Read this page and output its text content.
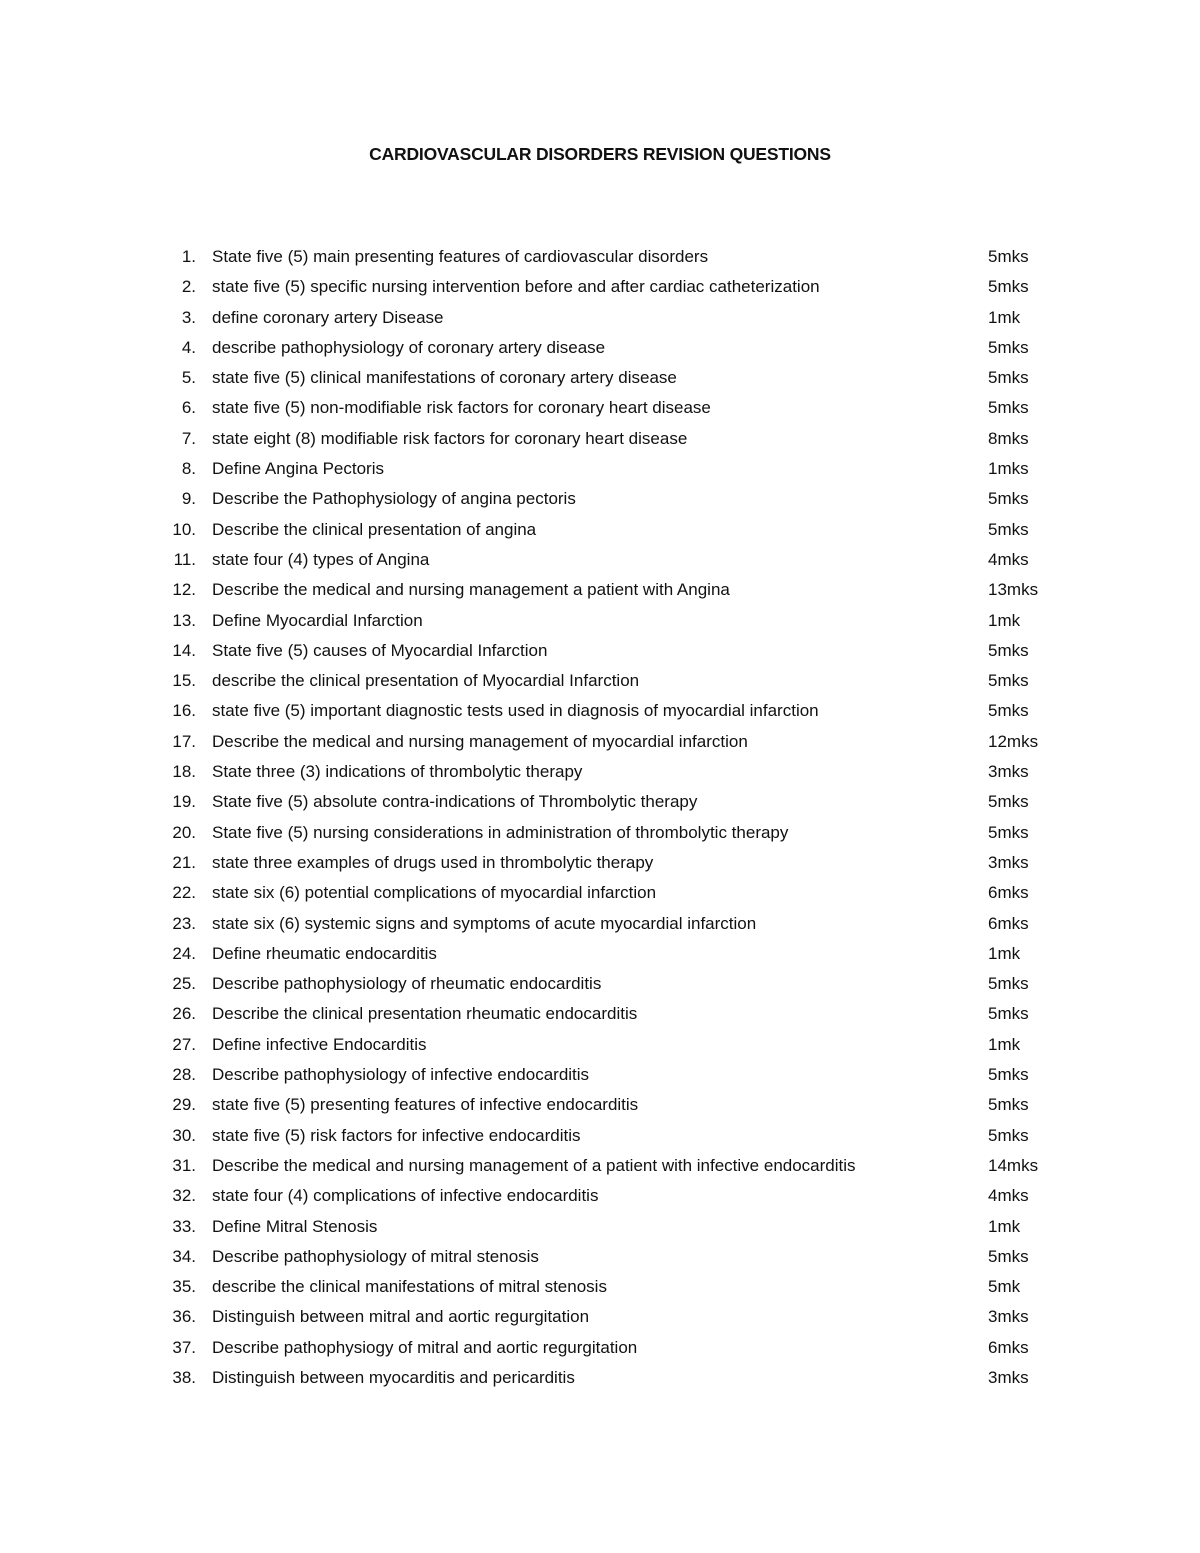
CARDIOVASCULAR DISORDERS REVISION QUESTIONS
1. State five (5) main presenting features of cardiovascular disorders	5mks
2. state five (5) specific nursing intervention before and after cardiac catheterization	5mks
3. define coronary artery Disease	1mk
4. describe pathophysiology of coronary artery disease	5mks
5. state five (5) clinical manifestations of coronary artery disease	5mks
6. state five (5) non-modifiable risk factors for coronary heart disease	5mks
7. state eight (8) modifiable risk factors for coronary heart disease	8mks
8. Define Angina Pectoris	1mks
9. Describe the Pathophysiology of angina pectoris	5mks
10. Describe the clinical presentation of angina	5mks
11. state four (4) types of Angina	4mks
12. Describe the medical and nursing management a patient with Angina	13mks
13. Define Myocardial Infarction	1mk
14. State five (5) causes of Myocardial Infarction	5mks
15. describe the clinical presentation of Myocardial Infarction	5mks
16. state five (5) important diagnostic tests used in diagnosis of myocardial infarction	5mks
17. Describe the medical and nursing management of myocardial infarction	12mks
18. State three (3) indications of thrombolytic therapy	3mks
19. State five (5) absolute contra-indications of Thrombolytic therapy	5mks
20. State five (5) nursing considerations in administration of thrombolytic therapy	5mks
21. state three examples of drugs used in thrombolytic therapy	3mks
22. state six (6) potential complications of myocardial infarction	6mks
23. state six (6) systemic signs and symptoms of acute myocardial infarction	6mks
24. Define rheumatic endocarditis	1mk
25. Describe pathophysiology of rheumatic endocarditis	5mks
26. Describe the clinical presentation rheumatic endocarditis	5mks
27. Define infective Endocarditis	1mk
28. Describe pathophysiology of infective endocarditis	5mks
29. state five (5) presenting features of infective endocarditis	5mks
30. state five (5) risk factors for infective endocarditis	5mks
31. Describe the medical and nursing management of a patient with infective endocarditis	14mks
32. state four (4) complications of infective endocarditis	4mks
33. Define Mitral Stenosis	1mk
34. Describe pathophysiology of mitral stenosis	5mks
35. describe the clinical manifestations of mitral stenosis	5mk
36. Distinguish between mitral and aortic regurgitation	3mks
37. Describe pathophysiogy of mitral and aortic regurgitation	6mks
38. Distinguish between myocarditis and pericarditis	3mks
